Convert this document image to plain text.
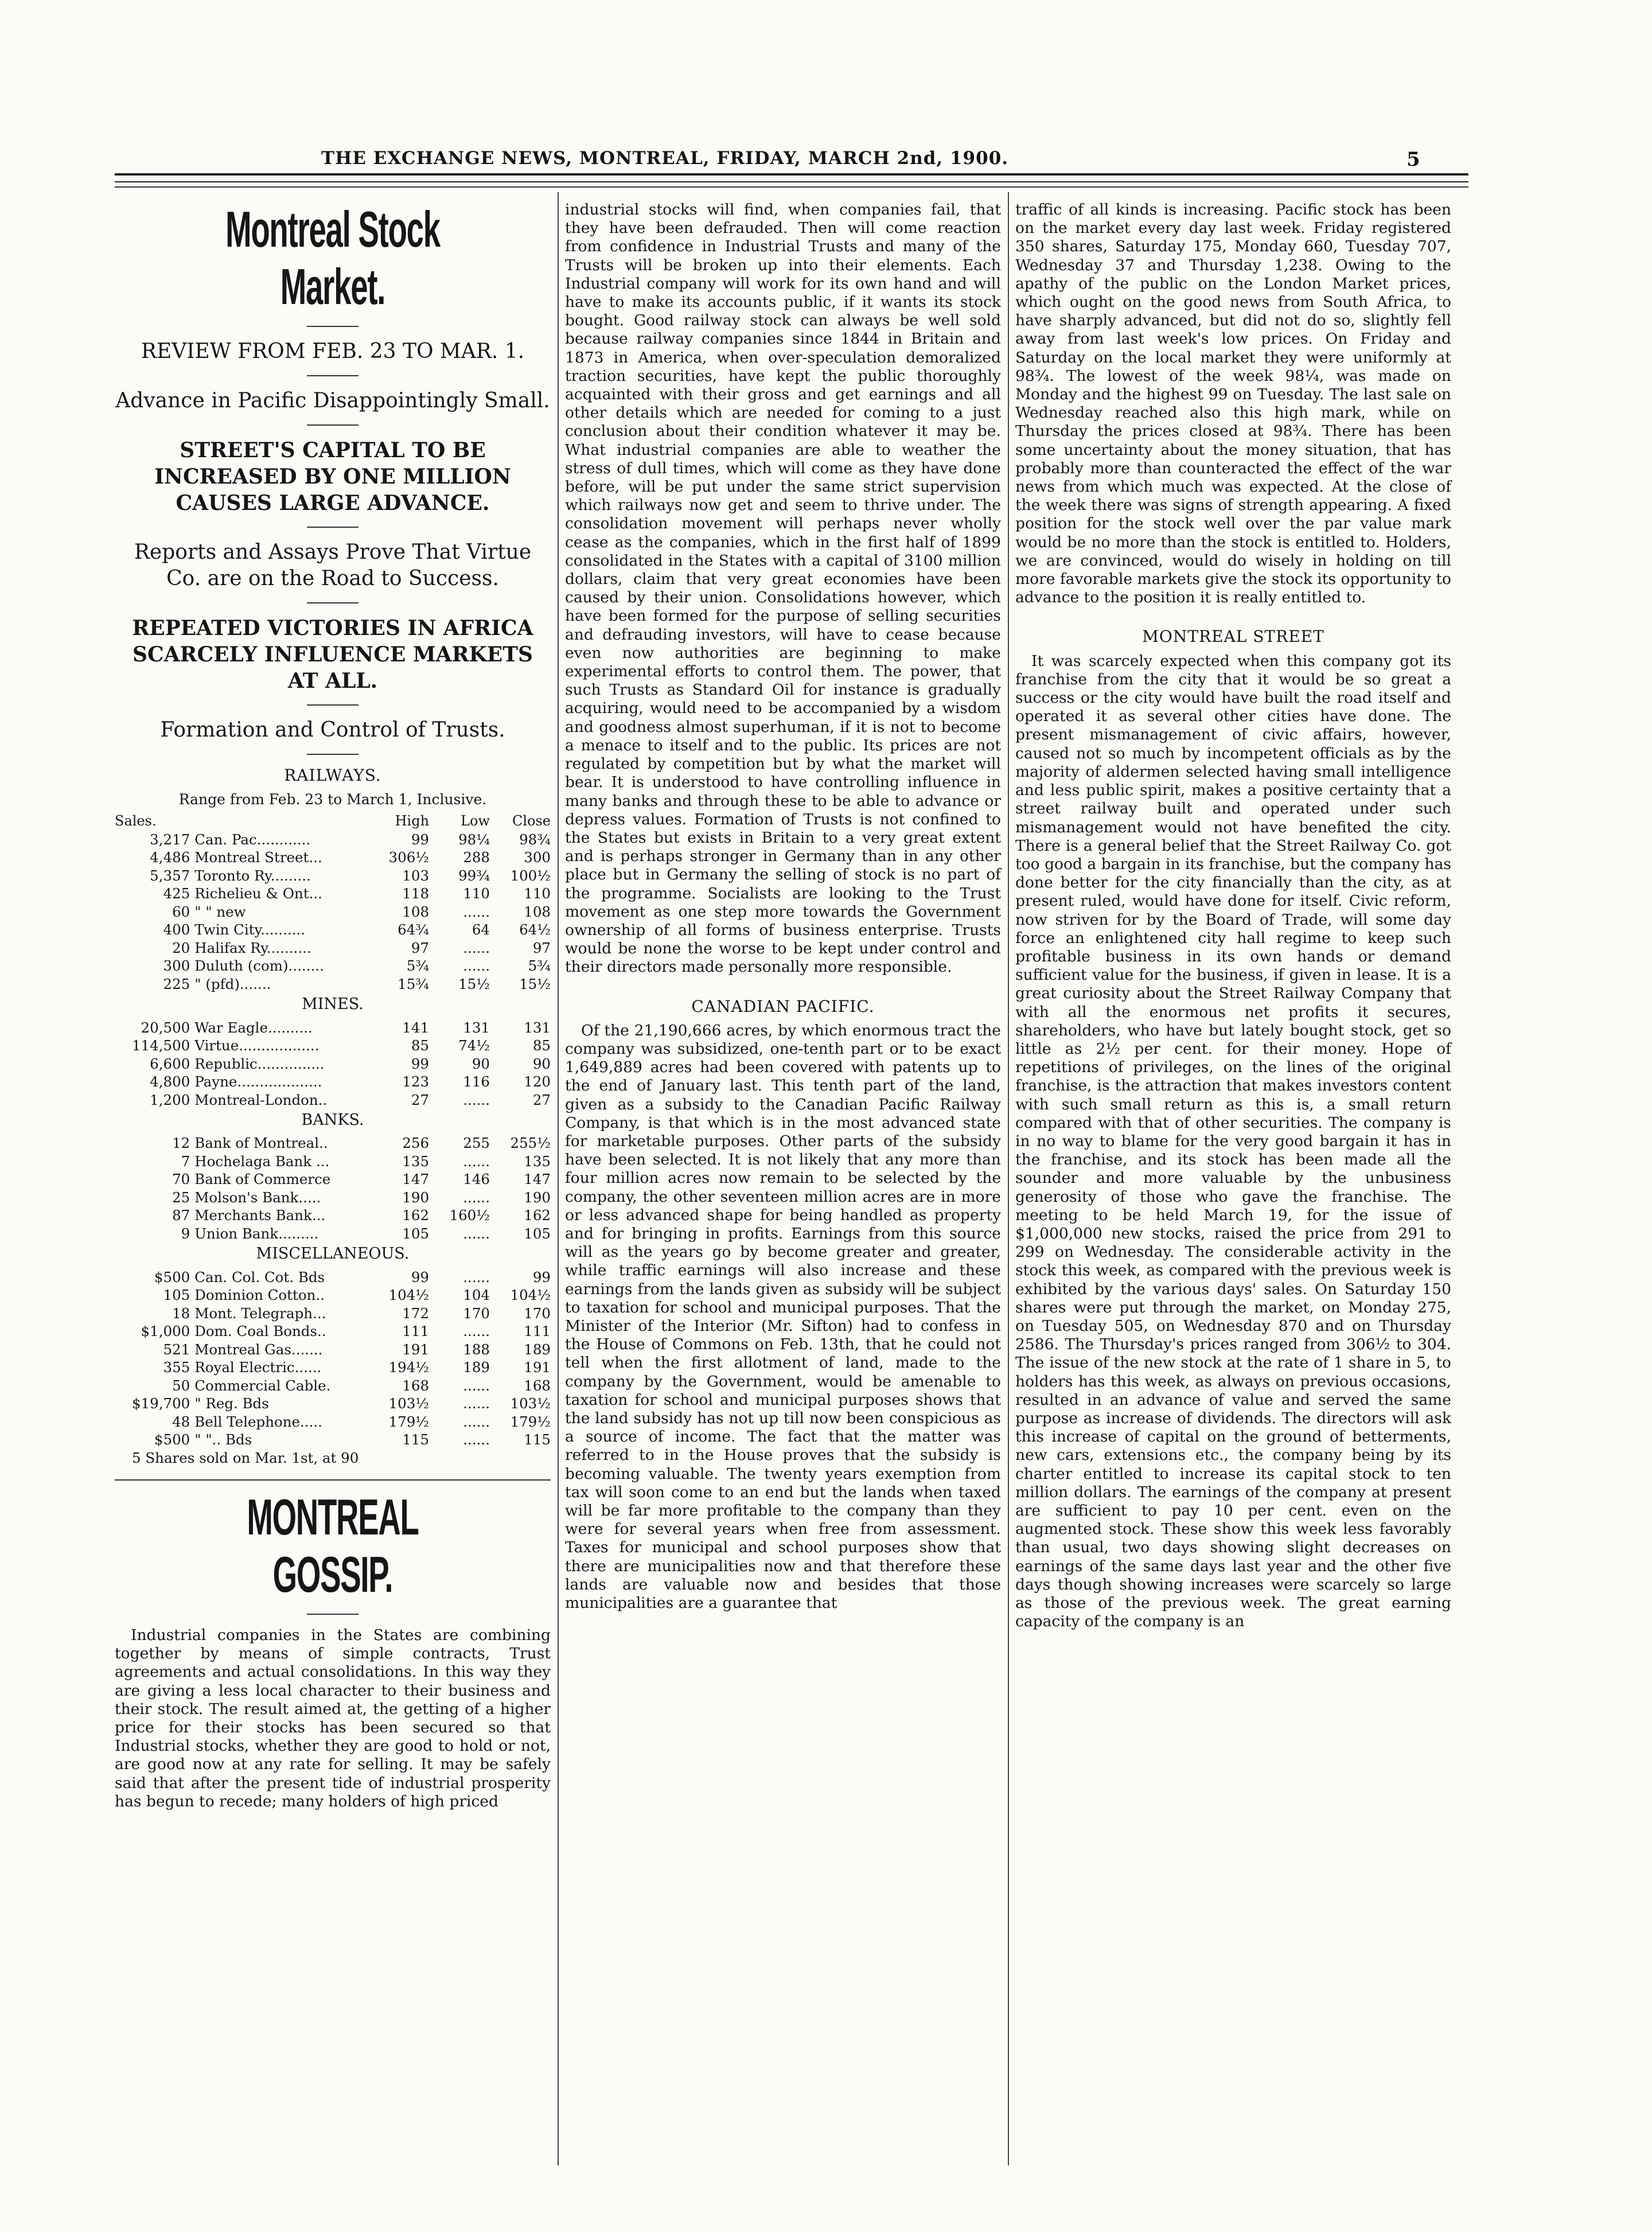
THE EXCHANGE NEWS, MONTREAL, FRIDAY, MARCH 2nd, 1900.	5
Montreal Stock Market.

REVIEW FROM FEB. 23 TO MAR. 1.

Advance in Pacific Disappointingly Small.

STREET'S CAPITAL TO BE INCREASED BY ONE MILLION CAUSES LARGE ADVANCE.

Reports and Assays Prove That Virtue Co. are on the Road to Success.

REPEATED VICTORIES IN AFRICA SCARCELY INFLUENCE MARKETS AT ALL.

Formation and Control of Trusts.

RAILWAYS.
Range from Feb. 23 to March 1, Inclusive.
Sales.		High	Low	Close
3,217	Can. Pac............	99	98¼	98¾
4,486	Montreal Street...	306½	288	300
5,357	Toronto Ry.........	103	99¾	100½
425	Richelieu & Ont...	118	110	110
60	" " new	108	......	108
400	Twin City..........	64¾	64	64½
20	Halifax Ry..........	97	......	97
300	Duluth (com)........	5¾	......	5¾
225	" (pfd).......	15¾	15½	15½
MINES.
20,500	War Eagle..........	141	131	131
114,500	Virtue..................	85	74½	85
6,600	Republic...............	99	90	90
4,800	Payne...................	123	116	120
1,200	Montreal-London..	27	......	27
BANKS.
12	Bank of Montreal..	256	255	255½
7	Hochelaga Bank ...	135	......	135
70	Bank of Commerce	147	146	147
25	Molson's Bank.....	190	......	190
87	Merchants Bank...	162	160½	162
9	Union Bank.........	105	......	105
MISCELLANEOUS.
$500	Can. Col. Cot. Bds	99	......	99
105	Dominion Cotton..	104½	104	104½
18	Mont. Telegraph...	172	170	170
$1,000	Dom. Coal Bonds..	111	......	111
521	Montreal Gas.......	191	188	189
355	Royal Electric......	194½	189	191
50	Commercial Cable.	168	......	168
$19,700	" Reg. Bds	103½	......	103½
48	Bell Telephone.....	179½	......	179½
$500	" ".. Bds	115	......	115
5 Shares sold on Mar. 1st, at 90
MONTREAL GOSSIP.

Industrial companies in the States are combining together by means of simple contracts, Trust agreements and actual consolidations. In this way they are giving a less local character to their business and their stock. The result aimed at, the getting of a higher price for their stocks has been secured so that Industrial stocks, whether they are good to hold or not, are good now at any rate for selling. It may be safely said that after the present tide of industrial prosperity has begun to recede; many holders of high priced

industrial stocks will find, when companies fail, that they have been defrauded. Then will come reaction from confidence in Industrial Trusts and many of the Trusts will be broken up into their elements. Each Industrial company will work for its own hand and will have to make its accounts public, if it wants its stock bought. Good railway stock can always be well sold because railway companies since 1844 in Britain and 1873 in America, when over-speculation demoralized traction securities, have kept the public thoroughly acquainted with their gross and get earnings and all other details which are needed for coming to a just conclusion about their condition whatever it may be. What industrial companies are able to weather the stress of dull times, which will come as they have done before, will be put under the same strict supervision which railways now get and seem to thrive under. The consolidation movement will perhaps never wholly cease as the companies, which in the first half of 1899 consolidated in the States with a capital of 3100 million dollars, claim that very great economies have been caused by their union. Consolidations however, which have been formed for the purpose of selling securities and defrauding investors, will have to cease because even now authorities are beginning to make experimental efforts to control them. The power, that such Trusts as Standard Oil for instance is gradually acquiring, would need to be accompanied by a wisdom and goodness almost superhuman, if it is not to become a menace to itself and to the public. Its prices are not regulated by competition but by what the market will bear. It is understood to have controlling influence in many banks and through these to be able to advance or depress values. Formation of Trusts is not confined to the States but exists in Britain to a very great extent and is perhaps stronger in Germany than in any other place but in Germany the selling of stock is no part of the programme. Socialists are looking to the Trust movement as one step more towards the Government ownership of all forms of business enterprise. Trusts would be none the worse to be kept under control and their directors made personally more responsible.

CANADIAN PACIFIC.

Of the 21,190,666 acres, by which enormous tract the company was subsidized, one-tenth part or to be exact 1,649,889 acres had been covered with patents up to the end of January last. This tenth part of the land, given as a subsidy to the Canadian Pacific Railway Company, is that which is in the most advanced state for marketable purposes. Other parts of the subsidy have been selected. It is not likely that any more than four million acres now remain to be selected by the company, the other seventeen million acres are in more or less advanced shape for being handled as property and for bringing in profits. Earnings from this source will as the years go by become greater and greater, while traffic earnings will also increase and these earnings from the lands given as subsidy will be subject to taxation for school and municipal purposes. That the Minister of the Interior (Mr. Sifton) had to confess in the House of Commons on Feb. 13th, that he could not tell when the first allotment of land, made to the company by the Government, would be amenable to taxation for school and municipal purposes shows that the land subsidy has not up till now been conspicious as a source of income. The fact that the matter was referred to in the House proves that the subsidy is becoming valuable. The twenty years exemption from tax will soon come to an end but the lands when taxed will be far more profitable to the company than they were for several years when free from assessment. Taxes for municipal and school purposes show that there are municipalities now and that therefore these lands are valuable now and besides that those municipalities are a guarantee that

traffic of all kinds is increasing. Pacific stock has been on the market every day last week. Friday registered 350 shares, Saturday 175, Monday 660, Tuesday 707, Wednesday 37 and Thursday 1,238. Owing to the apathy of the public on the London Market prices, which ought on the good news from South Africa, to have sharply advanced, but did not do so, slightly fell away from last week's low prices. On Friday and Saturday on the local market they were uniformly at 98¾. The lowest of the week 98¼, was made on Monday and the highest 99 on Tuesday. The last sale on Wednesday reached also this high mark, while on Thursday the prices closed at 98¾. There has been some uncertainty about the money situation, that has probably more than counteracted the effect of the war news from which much was expected. At the close of the week there was signs of strength appearing. A fixed position for the stock well over the par value mark would be no more than the stock is entitled to. Holders, we are convinced, would do wisely in holding on till more favorable markets give the stock its opportunity to advance to the position it is really entitled to.

MONTREAL STREET

It was scarcely expected when this company got its franchise from the city that it would be so great a success or the city would have built the road itself and operated it as several other cities have done. The present mismanagement of civic affairs, however, caused not so much by incompetent officials as by the majority of aldermen selected having small intelligence and less public spirit, makes a positive certainty that a street railway built and operated under such mismanagement would not have benefited the city. There is a general belief that the Street Railway Co. got too good a bargain in its franchise, but the company has done better for the city financially than the city, as at present ruled, would have done for itself. Civic reform, now striven for by the Board of Trade, will some day force an enlightened city hall regime to keep such profitable business in its own hands or demand sufficient value for the business, if given in lease. It is a great curiosity about the Street Railway Company that with all the enormous net profits it secures, shareholders, who have but lately bought stock, get so little as 2½ per cent. for their money. Hope of repetitions of privileges, on the lines of the original franchise, is the attraction that makes investors content with such small return as this is, a small return compared with that of other securities. The company is in no way to blame for the very good bargain it has in the franchise, and its stock has been made all the sounder and more valuable by the unbusiness generosity of those who gave the franchise. The meeting to be held March 19, for the issue of $1,000,000 new stocks, raised the price from 291 to 299 on Wednesday. The considerable activity in the stock this week, as compared with the previous week is exhibited by the various days' sales. On Saturday 150 shares were put through the market, on Monday 275, on Tuesday 505, on Wednesday 870 and on Thursday 2586. The Thursday's prices ranged from 306½ to 304. The issue of the new stock at the rate of 1 share in 5, to holders has this week, as always on previous occasions, resulted in an advance of value and served the same purpose as increase of dividends. The directors will ask this increase of capital on the ground of betterments, new cars, extensions etc., the company being by its charter entitled to increase its capital stock to ten million dollars. The earnings of the company at present are sufficient to pay 10 per cent. even on the augmented stock. These show this week less favorably than usual, two days showing slight decreases on earnings of the same days last year and the other five days though showing increases were scarcely so large as those of the previous week. The great earning capacity of the company is an
